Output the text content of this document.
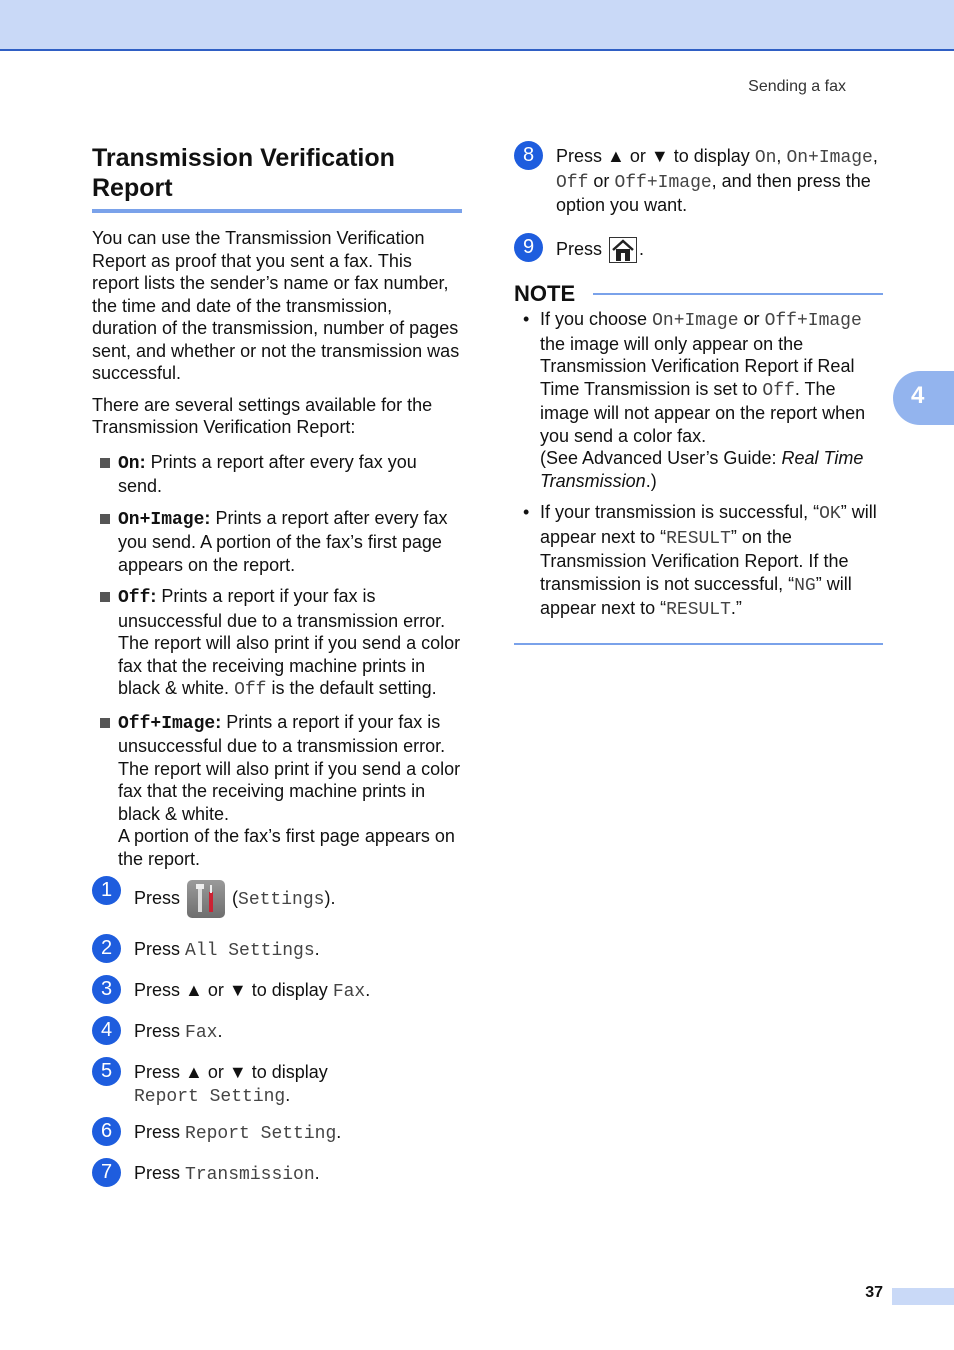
Sending a fax
4
Transmission Verification Report

You can use the Transmission Verification Report as proof that you sent a fax. This report lists the sender’s name or fax number, the time and date of the transmission, duration of the transmission, number of pages sent, and whether or not the transmission was successful.

There are several settings available for the Transmission Verification Report:

On: Prints a report after every fax you send.
On+Image: Prints a report after every fax you send. A portion of the fax’s first page appears on the report.
Off: Prints a report if your fax is unsuccessful due to a transmission error. The report will also print if you send a color fax that the receiving machine prints in black & white. Off is the default setting.
Off+Image: Prints a report if your fax is unsuccessful due to a transmission error. The report will also print if you send a color fax that the receiving machine prints in black & white.
A portion of the fax’s first page appears on the report.
1	Press	(Settings).
2	Press All Settings.
3	Press ▲ or ▼ to display Fax.
4	Press Fax.
5	Press ▲ or ▼ to display
Report Setting.
6	Press Report Setting.
7	Press Transmission.
8	Press ▲ or ▼ to display On, On+Image, Off or Off+Image, and then press the option you want.
9	Press .
NOTE
• If you choose On+Image or Off+Image the image will only appear on the Transmission Verification Report if Real Time Transmission is set to Off. The image will not appear on the report when you send a color fax.
(See Advanced User’s Guide: Real Time Transmission.)
• If your transmission is successful, “OK” will appear next to “RESULT” on the Transmission Verification Report. If the transmission is not successful, “NG” will appear next to “RESULT.”
37
